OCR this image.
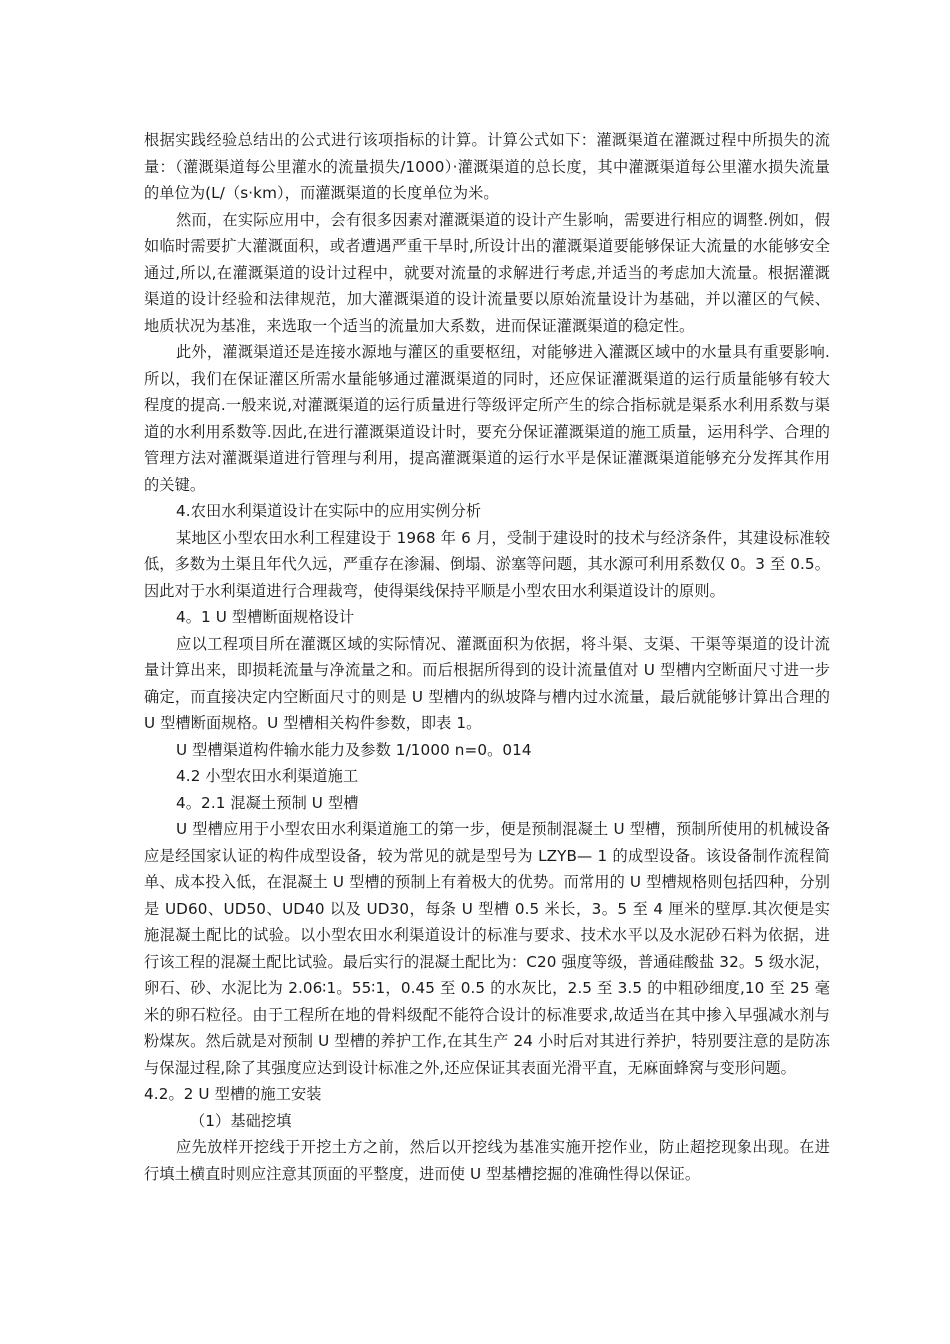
根据实践经验总结出的公式进行该项指标的计算。计算公式如下：灌溉渠道在灌溉过程中所损失的流量：（灌溉渠道每公里灌水的流量损失/1000）·灌溉渠道的总长度，其中灌溉渠道每公里灌水损失流量的单位为(L/（s·km），而灌溉渠道的长度单位为米。

然而，在实际应用中，会有很多因素对灌溉渠道的设计产生影响，需要进行相应的调整.例如，假如临时需要扩大灌溉面积，或者遭遇严重干旱时,所设计出的灌溉渠道要能够保证大流量的水能够安全通过,所以,在灌溉渠道的设计过程中，就要对流量的求解进行考虑,并适当的考虑加大流量。根据灌溉渠道的设计经验和法律规范，加大灌溉渠道的设计流量要以原始流量设计为基础，并以灌区的气候、地质状况为基准，来选取一个适当的流量加大系数，进而保证灌溉渠道的稳定性。

此外，灌溉渠道还是连接水源地与灌区的重要枢纽，对能够进入灌溉区域中的水量具有重要影响.所以，我们在保证灌区所需水量能够通过灌溉渠道的同时，还应保证灌溉渠道的运行质量能够有较大程度的提高.一般来说,对灌溉渠道的运行质量进行等级评定所产生的综合指标就是渠系水利用系数与渠道的水利用系数等.因此,在进行灌溉渠道设计时，要充分保证灌溉渠道的施工质量，运用科学、合理的管理方法对灌溉渠道进行管理与利用，提高灌溉渠道的运行水平是保证灌溉渠道能够充分发挥其作用的关键。

4.农田水利渠道设计在实际中的应用实例分析

某地区小型农田水利工程建设于 1968 年 6 月，受制于建设时的技术与经济条件，其建设标准较低，多数为土渠且年代久远，严重存在渗漏、倒塌、淤塞等问题，其水源可利用系数仅 0。3 至 0.5。因此对于水利渠道进行合理裁弯，使得渠线保持平顺是小型农田水利渠道设计的原则。

4。1 U 型槽断面规格设计

应以工程项目所在灌溉区域的实际情况、灌溉面积为依据，将斗渠、支渠、干渠等渠道的设计流量计算出来，即损耗流量与净流量之和。而后根据所得到的设计流量值对 U 型槽内空断面尺寸进一步确定，而直接决定内空断面尺寸的则是 U 型槽内的纵坡降与槽内过水流量，最后就能够计算出合理的 U 型槽断面规格。U 型槽相关构件参数，即表 1。

U 型槽渠道构件输水能力及参数 1/1000 n=0。014

4.2 小型农田水利渠道施工

4。2.1 混凝土预制 U 型槽

U 型槽应用于小型农田水利渠道施工的第一步，便是预制混凝土 U 型槽，预制所使用的机械设备应是经国家认证的构件成型设备，较为常见的就是型号为 LZYB— 1 的成型设备。该设备制作流程简单、成本投入低，在混凝土 U 型槽的预制上有着极大的优势。而常用的 U 型槽规格则包括四种，分别是 UD60、UD50、UD40 以及 UD30，每条 U 型槽 0.5 米长，3。5 至 4 厘米的壁厚.其次便是实施混凝土配比的试验。以小型农田水利渠道设计的标准与要求、技术水平以及水泥砂石料为依据，进行该工程的混凝土配比试验。最后实行的混凝土配比为：C20 强度等级，普通硅酸盐 32。5 级水泥，卵石、砂、水泥比为 2.06∶1。55∶1，0.45 至 0.5 的水灰比，2.5 至 3.5 的中粗砂细度,10 至 25 毫米的卵石粒径。由于工程所在地的骨料级配不能符合设计的标准要求,故适当在其中掺入早强减水剂与粉煤灰。然后就是对预制 U 型槽的养护工作,在其生产 24 小时后对其进行养护，特别要注意的是防冻与保湿过程,除了其强度应达到设计标准之外,还应保证其表面光滑平直，无麻面蜂窝与变形问题。

4.2。2 U 型槽的施工安装

（1）基础挖填

应先放样开挖线于开挖土方之前，然后以开挖线为基准实施开挖作业，防止超挖现象出现。在进行填土横直时则应注意其顶面的平整度，进而使 U 型基槽挖掘的准确性得以保证。
